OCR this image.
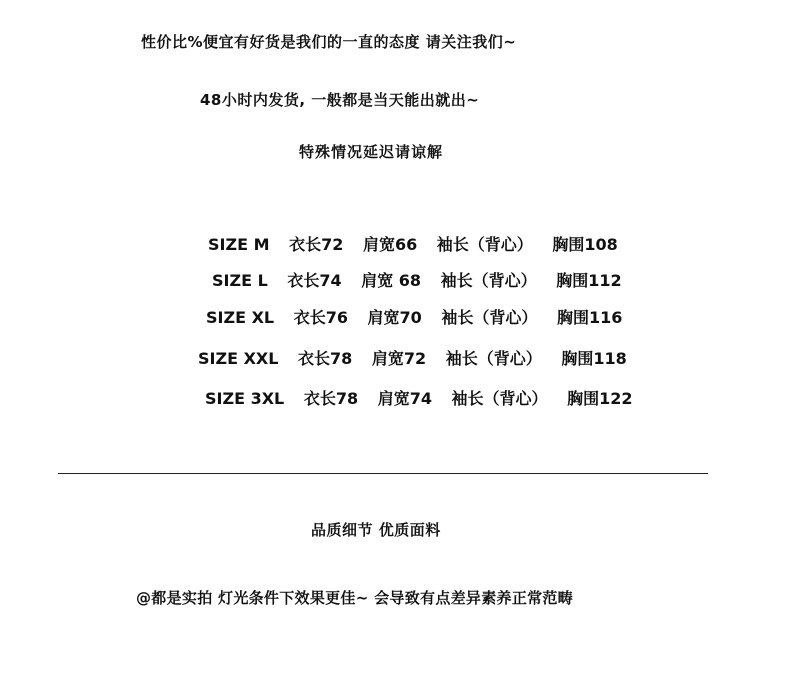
性价比%便宜有好货是我们的一直的态度 请关注我们~
48小时内发货, 一般都是当天能出就出~
特殊情况延迟请谅解
SIZE M 衣长72 肩宽66 袖长（背心） 胸围108
SIZE L 衣长74 肩宽 68 袖长（背心） 胸围112
SIZE XL 衣长76 肩宽70 袖长（背心） 胸围116
SIZE XXL 衣长78 肩宽72 袖长（背心） 胸围118
SIZE 3XL 衣长78 肩宽74 袖长（背心） 胸围122
品质细节 优质面料
@都是实拍 灯光条件下效果更佳~ 会导致有点差异素养正常范畴
